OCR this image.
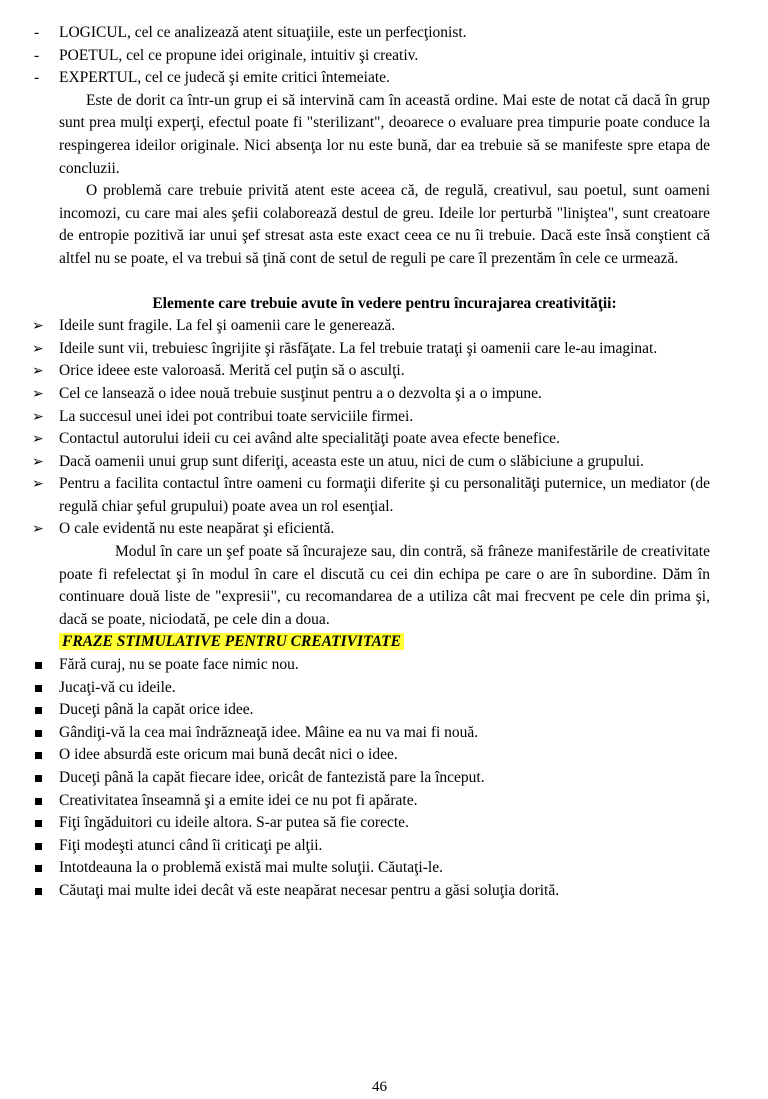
- LOGICUL, cel ce analizează atent situaţiile, este un perfecţionist.
- POETUL, cel ce propune idei originale, intuitiv şi creativ.
- EXPERTUL, cel ce judecă şi emite critici întemeiate.

Este de dorit ca într-un grup ei să intervină cam în această ordine. Mai este de notat că dacă în grup sunt prea mulţi experţi, efectul poate fi "sterilizant", deoarece o evaluare prea timpurie poate conduce la respingerea ideilor originale. Nici absenţa lor nu este bună, dar ea trebuie să se manifeste spre etapa de concluzii.

O problemă care trebuie privită atent este aceea că, de regulă, creativul, sau poetul, sunt oameni incomozi, cu care mai ales şefii colaborează destul de greu. Ideile lor perturbă "liniştea", sunt creatoare de entropie pozitivă iar unui şef stresat asta este exact ceea ce nu îi trebuie. Dacă este însă conştient că altfel nu se poate, el va trebui să ţină cont de setul de reguli pe care îl prezentăm în cele ce urmează.

Elemente care trebuie avute în vedere pentru încurajarea creativităţii:
➢ Ideile sunt fragile. La fel şi oamenii care le generează.
➢ Ideile sunt vii, trebuiesc îngrijite şi răsfăţate. La fel trebuie trataţi şi oamenii care le-au imaginat.
➢ Orice ideee este valoroasă. Merită cel puţin să o asculţi.
➢ Cel ce lansează o idee nouă trebuie susţinut pentru a o dezvolta şi a o impune.
➢ La succesul unei idei pot contribui toate serviciile firmei.
➢ Contactul autorului ideii cu cei având alte specialităţi poate avea efecte benefice.
➢ Dacă oamenii unui grup sunt diferiţi, aceasta este un atuu, nici de cum o slăbiciune a grupului.
➢ Pentru a facilita contactul între oameni cu formaţii diferite şi cu personalităţi puternice, un mediator (de regulă chiar şeful grupului) poate avea un rol esenţial.
➢ O cale evidentă nu este neapărat şi eficientă.

Modul în care un şef poate să încurajeze sau, din contră, să frâneze manifestările de creativitate poate fi refelectat şi în modul în care el discută cu cei din echipa pe care o are în subordine. Dăm în continuare două liste de "expresii", cu recomandarea de a utiliza cât mai frecvent pe cele din prima şi, dacă se poate, niciodată, pe cele din a doua.

FRAZE STIMULATIVE PENTRU CREATIVITATE
Fără curaj, nu se poate face nimic nou.
Jucaţi-vă cu ideile.
Duceţi până la capăt orice idee.
Gândiţi-vă la cea mai îndrăzneaţă idee. Mâine ea nu va mai fi nouă.
O idee absurdă este oricum mai bună decât nici o idee.
Duceţi până la capăt fiecare idee, oricât de fantezistă pare la început.
Creativitatea înseamnă şi a emite idei ce nu pot fi apărate.
Fiţi îngăduitori cu ideile altora. S-ar putea să fie corecte.
Fiţi modeşti atunci când îi criticaţi pe alţii.
Intotdeauna la o problemă există mai multe soluţii. Căutaţi-le.
Căutaţi mai multe idei decât vă este neapărat necesar pentru a găsi soluţia dorită.
46
